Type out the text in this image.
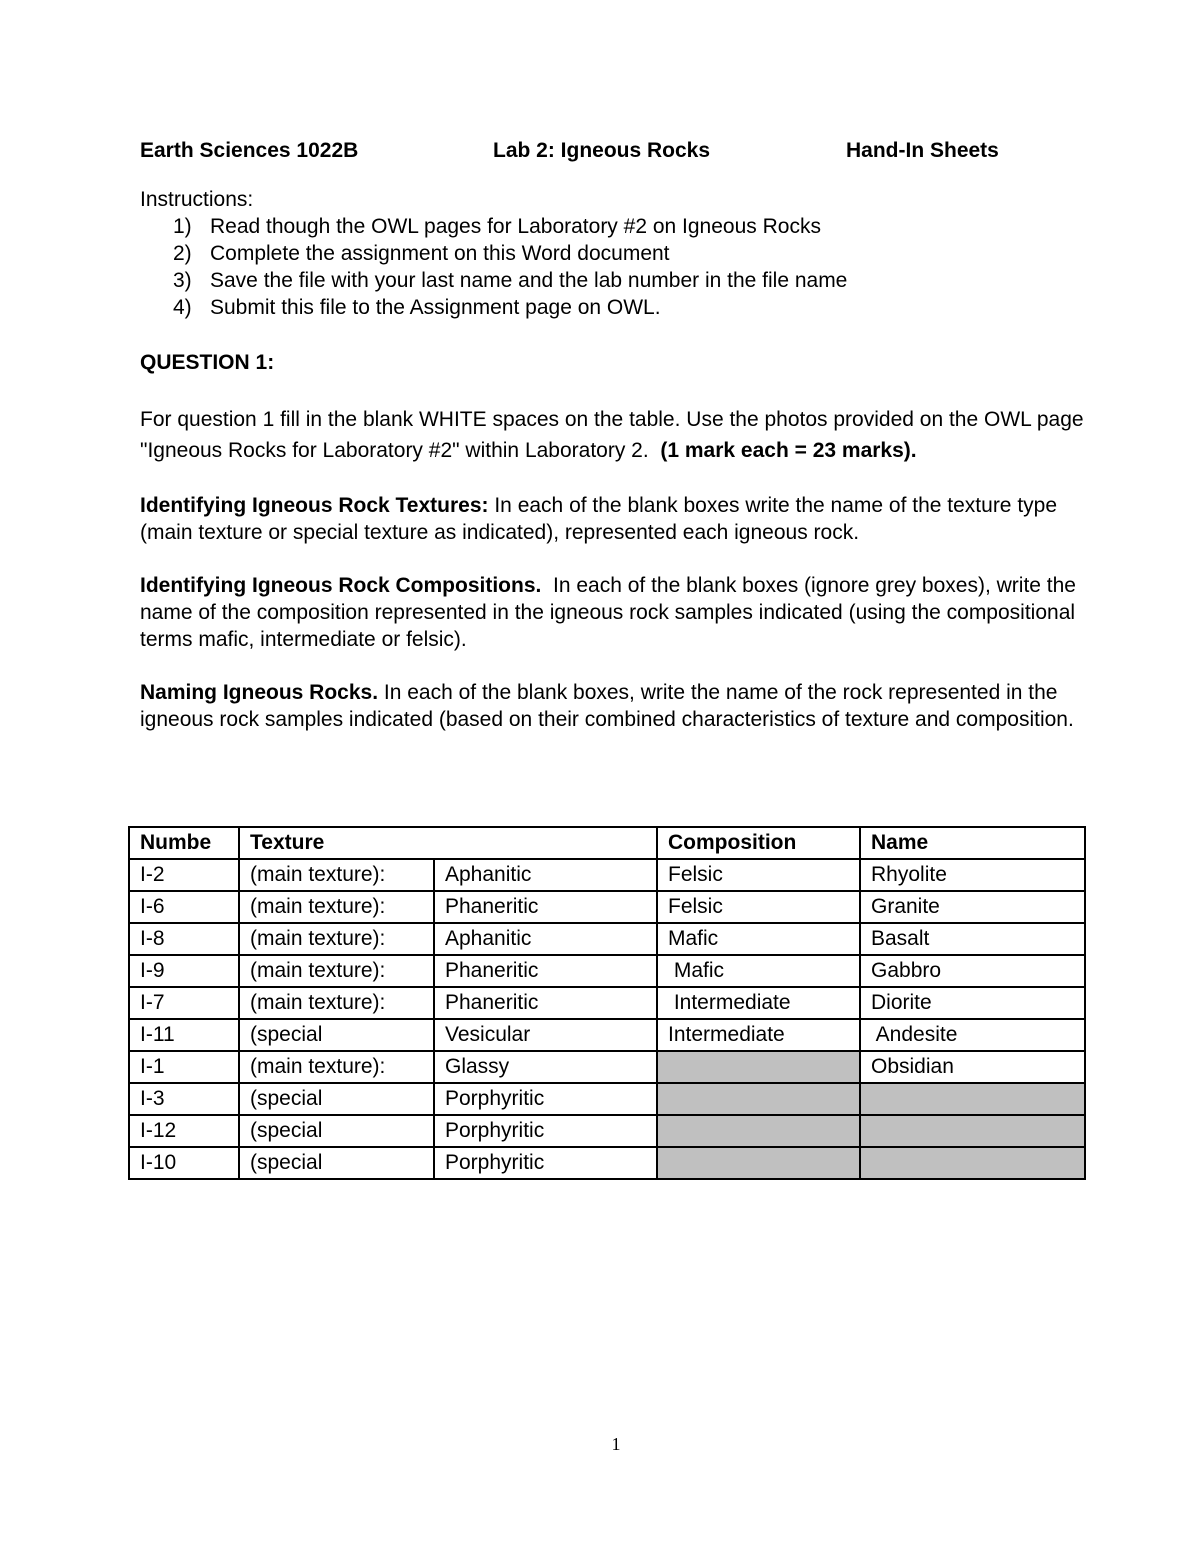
Earth Sciences 1022B	Lab 2: Igneous Rocks	Hand-In Sheets
Instructions:
1) Read though the OWL pages for Laboratory #2 on Igneous Rocks
2) Complete the assignment on this Word document
3) Save the file with your last name and the lab number in the file name
4) Submit this file to the Assignment page on OWL.
QUESTION 1:
For question 1 fill in the blank WHITE spaces on the table. Use the photos provided on the OWL page "Igneous Rocks for Laboratory #2" within Laboratory 2. (1 mark each = 23 marks).
Identifying Igneous Rock Textures: In each of the blank boxes write the name of the texture type (main texture or special texture as indicated), represented each igneous rock.
Identifying Igneous Rock Compositions. In each of the blank boxes (ignore grey boxes), write the name of the composition represented in the igneous rock samples indicated (using the compositional terms mafic, intermediate or felsic).
Naming Igneous Rocks. In each of the blank boxes, write the name of the rock represented in the igneous rock samples indicated (based on their combined characteristics of texture and composition.
Numbe	Texture		Composition	Name
I-2	(main texture):	Aphanitic	Felsic	Rhyolite
I-6	(main texture):	Phaneritic	Felsic	Granite
I-8	(main texture):	Aphanitic	Mafic	Basalt
I-9	(main texture):	Phaneritic	Mafic	Gabbro
I-7	(main texture):	Phaneritic	Intermediate	Diorite
I-11	(special	Vesicular	Intermediate	Andesite
I-1	(main texture):	Glassy		Obsidian
I-3	(special	Porphyritic		
I-12	(special	Porphyritic		
I-10	(special	Porphyritic		
1
